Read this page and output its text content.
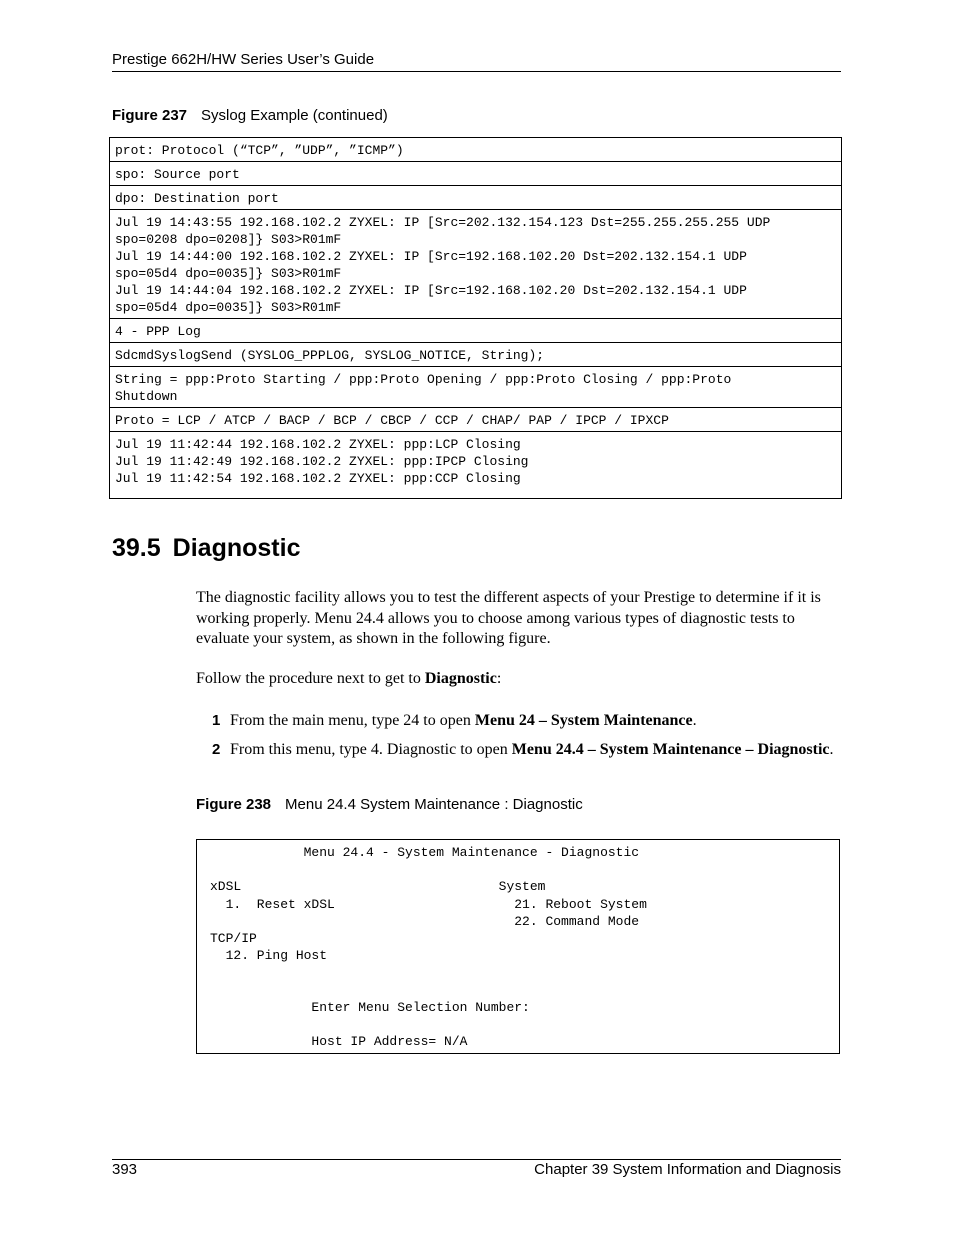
Prestige 662H/HW Series User’s Guide
Figure 237 Syslog Example (continued)
prot: Protocol (“TCP”, ”UDP”, ”ICMP”)
spo: Source port
dpo: Destination port
Jul 19 14:43:55 192.168.102.2 ZYXEL: IP [Src=202.132.154.123 Dst=255.255.255.255 UDP
spo=0208 dpo=0208]} S03>R01mF
Jul 19 14:44:00 192.168.102.2 ZYXEL: IP [Src=192.168.102.20 Dst=202.132.154.1 UDP
spo=05d4 dpo=0035]} S03>R01mF
Jul 19 14:44:04 192.168.102.2 ZYXEL: IP [Src=192.168.102.20 Dst=202.132.154.1 UDP
spo=05d4 dpo=0035]} S03>R01mF
4 - PPP Log
SdcmdSyslogSend (SYSLOG_PPPLOG, SYSLOG_NOTICE, String);
String = ppp:Proto Starting / ppp:Proto Opening / ppp:Proto Closing / ppp:Proto
Shutdown
Proto = LCP / ATCP / BACP / BCP / CBCP / CCP / CHAP/ PAP / IPCP / IPXCP
Jul 19 11:42:44 192.168.102.2 ZYXEL: ppp:LCP Closing
Jul 19 11:42:49 192.168.102.2 ZYXEL: ppp:IPCP Closing
Jul 19 11:42:54 192.168.102.2 ZYXEL: ppp:CCP Closing
39.5 Diagnostic

The diagnostic facility allows you to test the different aspects of your Prestige to determine if it is working properly. Menu 24.4 allows you to choose among various types of diagnostic tests to evaluate your system, as shown in the following figure.

Follow the procedure next to get to Diagnostic:

1 From the main menu, type 24 to open Menu 24 – System Maintenance.
2 From this menu, type 4. Diagnostic to open Menu 24.4 – System Maintenance – Diagnostic.
Figure 238 Menu 24.4 System Maintenance : Diagnostic
Menu 24.4 - System Maintenance - Diagnostic

xDSL                                 System
1.  Reset xDSL                       21. Reboot System
22. Command Mode
TCP/IP
12. Ping Host

Enter Menu Selection Number:

Host IP Address= N/A
393	Chapter 39 System Information and Diagnosis
